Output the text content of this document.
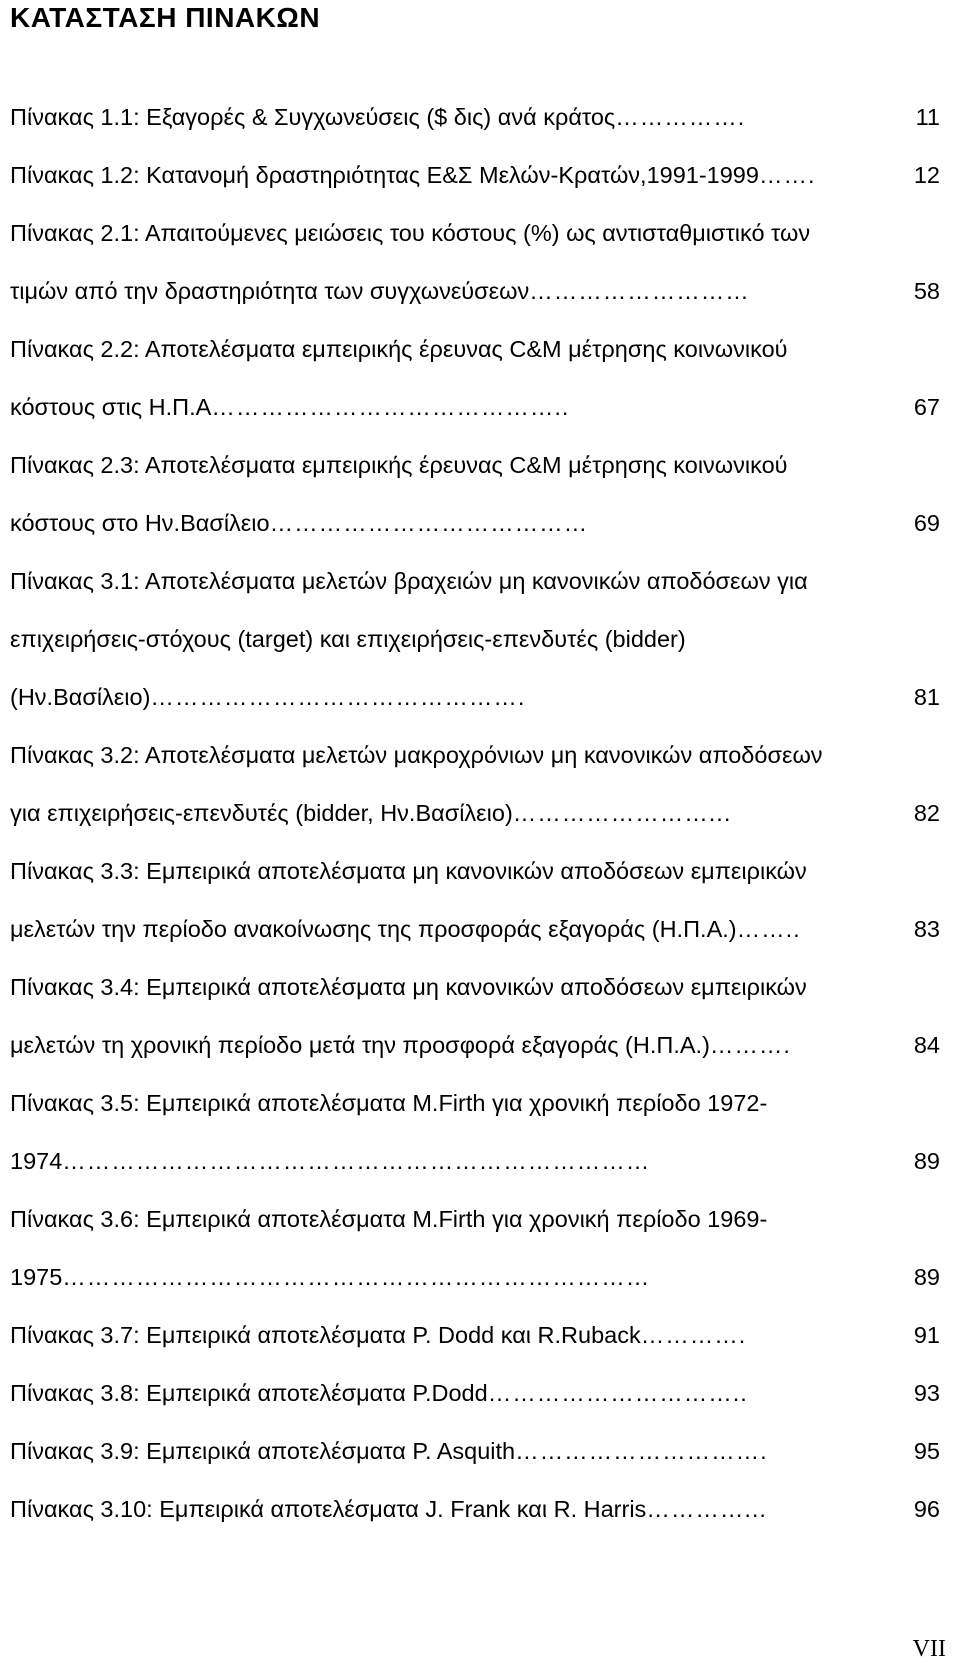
ΚΑΤΑΣΤΑΣΗ ΠΙΝΑΚΩΝ
Πίνακας 1.1: Εξαγορές & Συγχωνεύσεις ($ δις) ανά κράτος …………….	11
Πίνακας 1.2: Κατανομή δραστηριότητας Ε&Σ Μελών-Κρατών,1991-1999 …….	12
Πίνακας 2.1: Απαιτούμενες μειώσεις του κόστους (%) ως αντισταθμιστικό των
τιμών από την δραστηριότητα των συγχωνεύσεων ………………………	58
Πίνακας 2.2: Αποτελέσματα εμπειρικής έρευνας C&M μέτρησης κοινωνικού
κόστους στις Η.Π.Α ……………………………………..	67
Πίνακας 2.3: Αποτελέσματα εμπειρικής έρευνας C&M μέτρησης κοινωνικού
κόστους στο Ην.Βασίλειο …………………………………	69
Πίνακας 3.1: Αποτελέσματα μελετών βραχειών μη κανονικών αποδόσεων για
επιχειρήσεις-στόχους (target) και επιχειρήσεις-επενδυτές (bidder)
(Ην.Βασίλειο) ……………………………………….	81
Πίνακας 3.2: Αποτελέσματα μελετών μακροχρόνιων μη κανονικών αποδόσεων
για επιχειρήσεις-επενδυτές (bidder, Ην.Βασίλειο) ……………………...	82
Πίνακας 3.3: Εμπειρικά αποτελέσματα μη κανονικών αποδόσεων εμπειρικών
μελετών την περίοδο ανακοίνωσης της προσφοράς εξαγοράς (Η.Π.Α.) ……..	83
Πίνακας 3.4: Εμπειρικά αποτελέσματα μη κανονικών αποδόσεων εμπειρικών
μελετών τη χρονική περίοδο μετά την προσφορά εξαγοράς (Η.Π.Α.) ……….	84
Πίνακας 3.5: Εμπειρικά αποτελέσματα Μ.Firth για χρονική περίοδο 1972-
1974 ………………………………………………………………	89
Πίνακας 3.6: Εμπειρικά αποτελέσματα Μ.Firth για χρονική περίοδο 1969-
1975 ………………………………………………………………	89
Πίνακας 3.7: Εμπειρικά αποτελέσματα P. Dodd και R.Ruback ………….	91
Πίνακας 3.8: Εμπειρικά αποτελέσματα P.Dodd …………………………..	93
Πίνακας 3.9: Εμπειρικά αποτελέσματα P. Asquith ………………………….	95
Πίνακας 3.10: Εμπειρικά αποτελέσματα J. Frank και R. Harris …………...	96
VII
